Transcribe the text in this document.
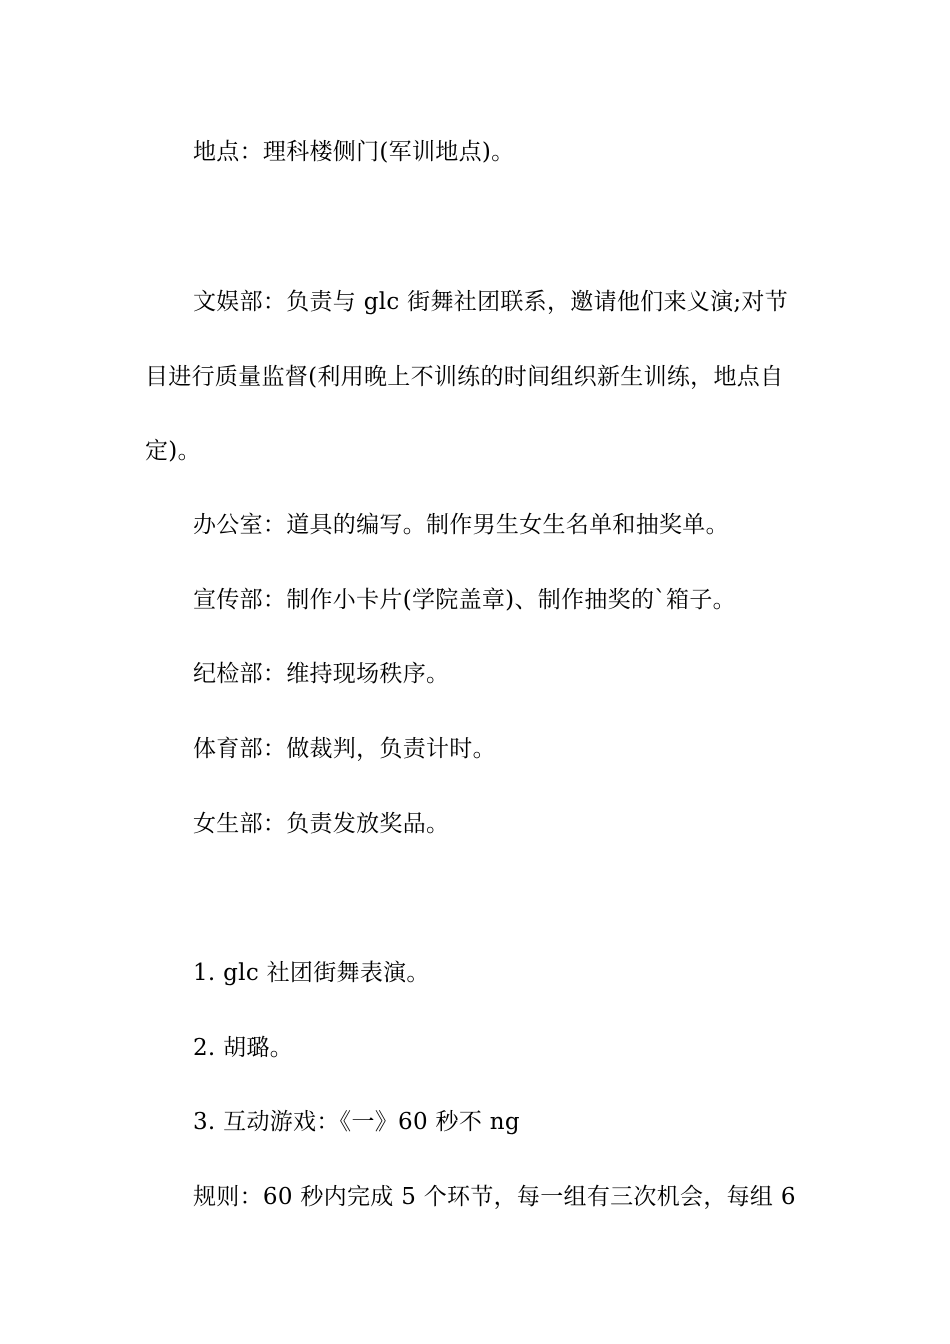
地点：理科楼侧门(军训地点)。
文娱部：负责与 glc 街舞社团联系，邀请他们来义演;对节
目进行质量监督(利用晚上不训练的时间组织新生训练，地点自
定)。
办公室：道具的编写。制作男生女生名单和抽奖单。
宣传部：制作小卡片(学院盖章)、制作抽奖的`箱子。
纪检部：维持现场秩序。
体育部：做裁判，负责计时。
女生部：负责发放奖品。
1. glc 社团街舞表演。
2. 胡璐。
3. 互动游戏：《一》60 秒不 ng
规则：60 秒内完成 5 个环节，每一组有三次机会，每组 6
